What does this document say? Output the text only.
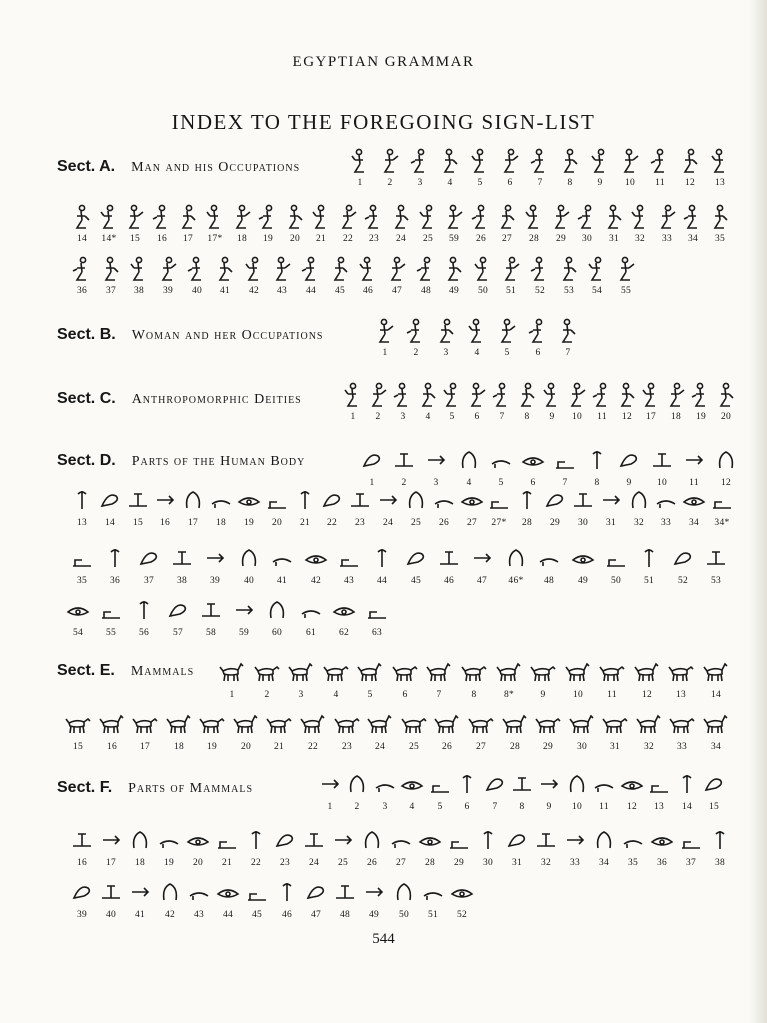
EGYPTIAN GRAMMAR
INDEX TO THE FOREGOING SIGN-LIST
Sect. A. Man and his Occupations
Sect. B. Woman and her Occupations
Sect. C. Anthropomorphic Deities
Sect. D. Parts of the Human Body
Sect. E. Mammals
Sect. F. Parts of Mammals
1	2	3	4	5	6	7	8	9	10	11	12	13
14	14*	15	16	17	17*	18	19	20	21	22	23	24	25	59	26	27	28	29	30	31	32	33	34	35
36	37	38	39	40	41	42	43	44	45	46	47	48	49	50	51	52	53	54	55
1	2	3	4	5	6	7
1	2	3	4	5	6	7	8	9	10	11	12	17	18	19	20
1	2	3	4	5	6	7	8	9	10	11	12
13	14	15	16	17	18	19	20	21	22	23	24	25	26	27	27*	28	29	30	31	32	33	34	34*
35	36	37	38	39	40	41	42	43	44	45	46	47	46*	48	49	50	51	52	53
54	55	56	57	58	59	60	61	62	63
1	2	3	4	5	6	7	8	8*	9	10	11	12	13	14
15	16	17	18	19	20	21	22	23	24	25	26	27	28	29	30	31	32	33	34
1	2	3	4	5	6	7	8	9	10	11	12	13	14	15
16	17	18	19	20	21	22	23	24	25	26	27	28	29	30	31	32	33	34	35	36	37	38
39	40	41	42	43	44	45	46	47	48	49	50	51	52
544
